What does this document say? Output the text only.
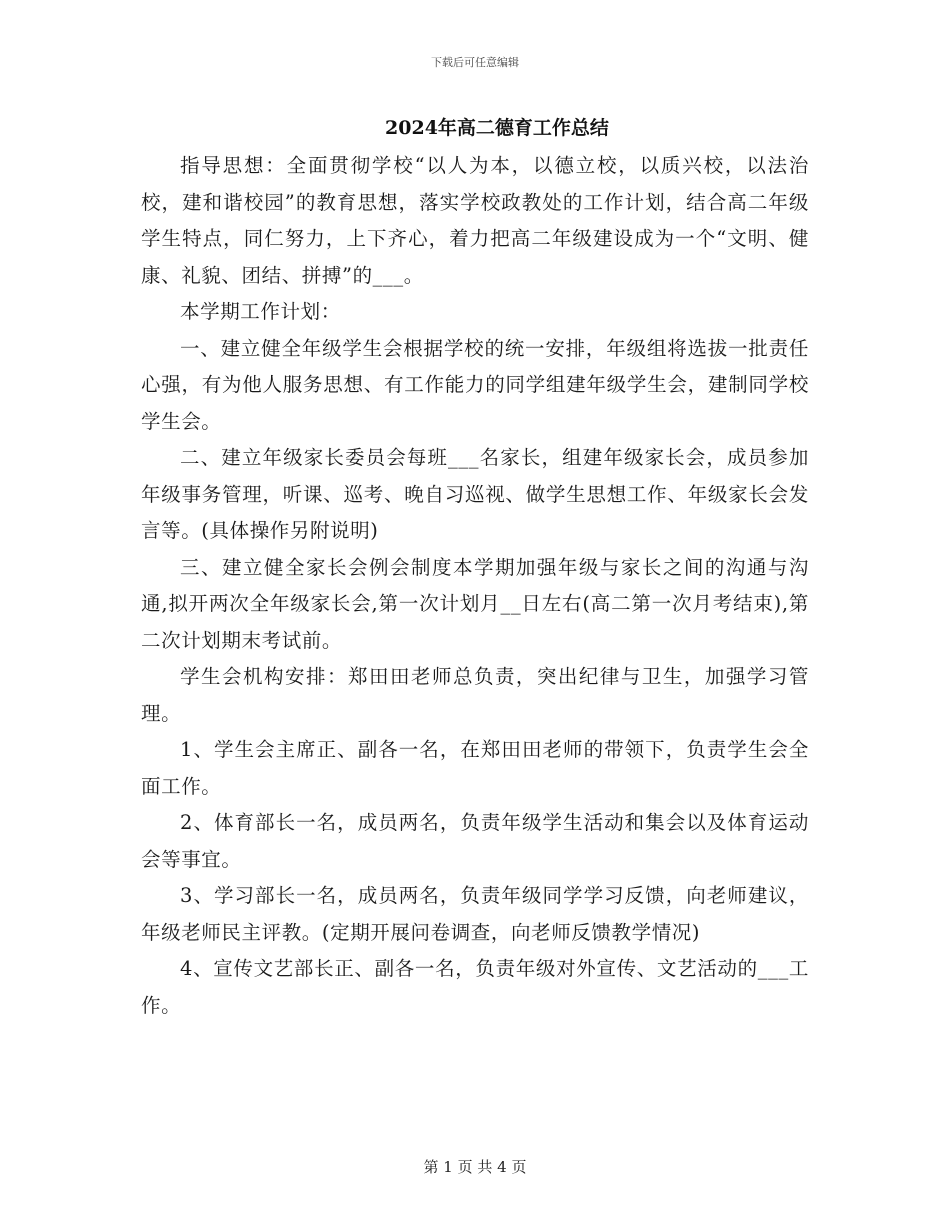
下载后可任意编辑
2024年高二德育工作总结

指导思想：全面贯彻学校“以人为本，以德立校，以质兴校，以法治校，建和谐校园”的教育思想，落实学校政教处的工作计划，结合高二年级学生特点，同仁努力，上下齐心，着力把高二年级建设成为一个“文明、健康、礼貌、团结、拼搏”的___。

本学期工作计划：

一、建立健全年级学生会根据学校的统一安排，年级组将选拔一批责任心强，有为他人服务思想、有工作能力的同学组建年级学生会，建制同学校学生会。

二、建立年级家长委员会每班___名家长，组建年级家长会，成员参加年级事务管理，听课、巡考、晚自习巡视、做学生思想工作、年级家长会发言等。(具体操作另附说明)

三、建立健全家长会例会制度本学期加强年级与家长之间的沟通与沟通,拟开两次全年级家长会,第一次计划月__日左右(高二第一次月考结束),第二次计划期末考试前。

学生会机构安排：郑田田老师总负责，突出纪律与卫生，加强学习管理。

1、学生会主席正、副各一名，在郑田田老师的带领下，负责学生会全面工作。

2、体育部长一名，成员两名，负责年级学生活动和集会以及体育运动会等事宜。

3、学习部长一名，成员两名，负责年级同学学习反馈，向老师建议，年级老师民主评教。(定期开展问卷调查，向老师反馈教学情况)

4、宣传文艺部长正、副各一名，负责年级对外宣传、文艺活动的___工作。

第 1 页 共 4 页
